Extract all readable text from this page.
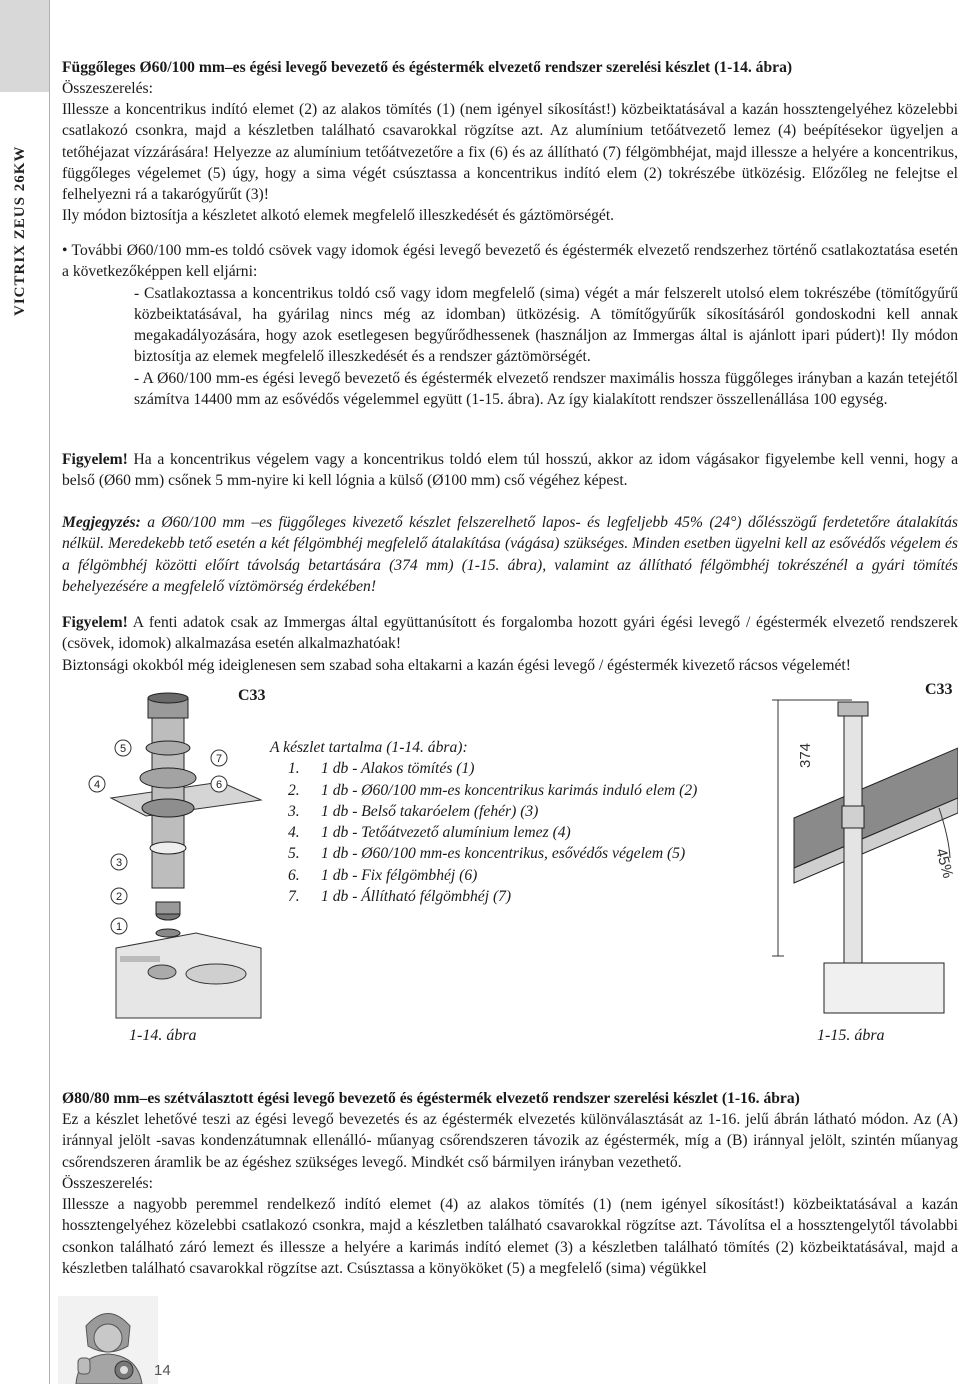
VICTRIX ZEUS 26KW

Függőleges Ø60/100 mm–es égési levegő bevezető és égéstermék elvezető rendszer szerelési készlet (1-14. ábra)

Összeszerelés:

Illessze a koncentrikus indító elemet (2) az alakos tömítés (1) (nem igényel síkosítást!) közbeiktatásával a kazán hossztengelyéhez közelebbi csatlakozó csonkra, majd a készletben található csavarokkal rögzítse azt. Az alumínium tetőátvezető lemez (4) beépítésekor ügyeljen a tetőhéjazat vízzárására! Helyezze az alumínium tetőátvezetőre a fix (6) és az állítható (7) félgömbhéjat, majd illessze a helyére a koncentrikus, függőleges végelemet (5) úgy, hogy a sima végét csúsztassa a koncentrikus indító elem (2) tokrészébe ütközésig. Előzőleg ne felejtse el felhelyezni rá a takarógyűrűt (3)!

Ily módon biztosítja a készletet alkotó elemek megfelelő illeszkedését és gáztömörségét.

• További Ø60/100 mm-es toldó csövek vagy idomok égési levegő bevezető és égéstermék elvezető rendszerhez történő csatlakoztatása esetén a következőképpen kell eljárni:
- Csatlakoztassa a koncentrikus toldó cső vagy idom megfelelő (sima) végét a már felszerelt utolsó elem tokrészébe (tömítőgyűrű közbeiktatásával, ha gyárilag nincs még az idomban) ütközésig. A tömítőgyűrűk síkosításáról gondoskodni kell annak megakadályozására, hogy azok esetlegesen begyűrődhessenek (használjon az Immergas által is ajánlott ipari púdert)! Ily módon biztosítja az elemek megfelelő illeszkedését és a rendszer gáztömörségét.
- A Ø60/100 mm-es égési levegő bevezető és égéstermék elvezető rendszer maximális hossza függőleges irányban a kazán tetejétől számítva 14400 mm az esővédős végelemmel együtt (1-15. ábra). Az így kialakított rendszer összellenállása 100 egység.

Figyelem! Ha a koncentrikus végelem vagy a koncentrikus toldó elem túl hosszú, akkor az idom vágásakor figyelembe kell venni, hogy a belső (Ø60 mm) csőnek 5 mm-nyire ki kell lógnia a külső (Ø100 mm) cső végéhez képest.

Megjegyzés: a Ø60/100 mm –es függőleges kivezető készlet felszerelhető lapos- és legfeljebb 45% (24°) dőlésszögű ferdetetőre átalakítás nélkül. Meredekebb tető esetén a két félgömbhéj megfelelő átalakítása (vágása) szükséges. Minden esetben ügyelni kell az esővédős végelem és a félgömbhéj közötti előírt távolság betartására (374 mm) (1-15. ábra), valamint az állítható félgömbhéj tokrészénél a gyári tömítés behelyezésére a megfelelő víztömörség érdekében!

Figyelem! A fenti adatok csak az Immergas által együttanúsított és forgalomba hozott gyári égési levegő / égéstermék elvezető rendszerek (csövek, idomok) alkalmazása esetén alkalmazhatóak!

Biztonsági okokból még ideiglenesen sem szabad soha eltakarni a kazán égési levegő / égéstermék kivezető rácsos végelemét!

C33
5
4
3
2
1
7
6
A készlet tartalma (1-14. ábra):
1.	1 db - Alakos tömítés (1)
2.	1 db - Ø60/100 mm-es koncentrikus karimás induló elem (2)
3.	1 db - Belső takaróelem (fehér) (3)
4.	1 db - Tetőátvezető alumínium lemez (4)
5.	1 db - Ø60/100 mm-es koncentrikus, esővédős végelem (5)
6.	1 db - Fix félgömbhéj (6)
7.	1 db - Állítható félgömbhéj (7)
C33
374
45%
1-14. ábra	1-15. ábra

Ø80/80 mm–es szétválasztott égési levegő bevezető és égéstermék elvezető rendszer szerelési készlet (1-16. ábra)

Ez a készlet lehetővé teszi az égési levegő bevezetés és az égéstermék elvezetés különválasztását az 1-16. jelű ábrán látható módon. Az (A) iránnyal jelölt -savas kondenzátumnak ellenálló- műanyag csőrendszeren távozik az égéstermék, míg a (B) iránnyal jelölt, szintén műanyag csőrendszeren áramlik be az égéshez szükséges levegő. Mindkét cső bármilyen irányban vezethető.

Összeszerelés:

Illessze a nagyobb peremmel rendelkező indító elemet (4) az alakos tömítés (1) (nem igényel síkosítást!) közbeiktatásával a kazán hossztengelyéhez közelebbi csatlakozó csonkra, majd a készletben található csavarokkal rögzítse azt. Távolítsa el a hossztengelytől távolabbi csonkon található záró lemezt és illessze a helyére a karimás indító elemet (3) a készletben található tömítés (2) közbeiktatásával, majd a készletben található csavarokkal rögzítse azt. Csúsztassa a könyököket (5) a megfelelő (sima) végükkel

14
